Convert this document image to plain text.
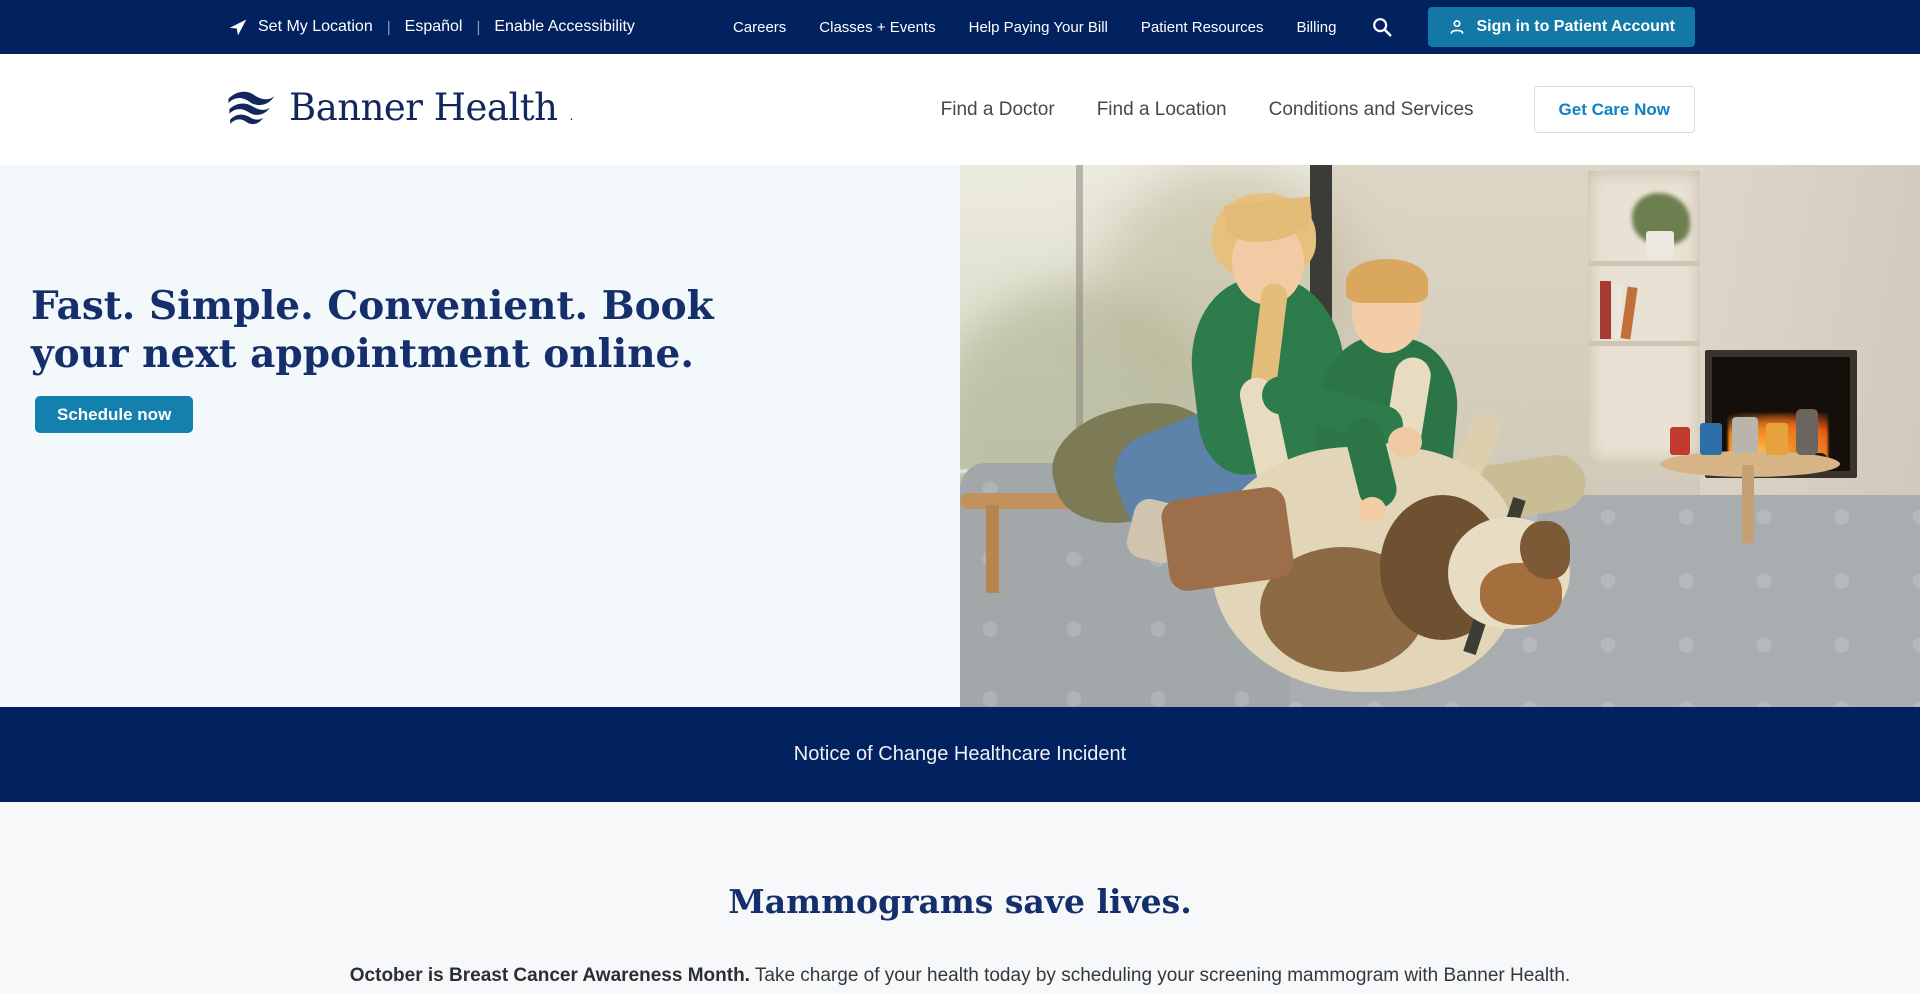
Set My Location | Español | Enable Accessibility	Careers Classes + Events Help Paying Your Bill Patient Resources Billing	Sign in to Patient Account
Banner Health .	Find a Doctor Find a Location Conditions and Services	Get Care Now
Fast. Simple. Convenient. Book your next appointment online.
Schedule now
Notice of Change Healthcare Incident
Mammograms save lives.

October is Breast Cancer Awareness Month. Take charge of your health today by scheduling your screening mammogram with Banner Health.
